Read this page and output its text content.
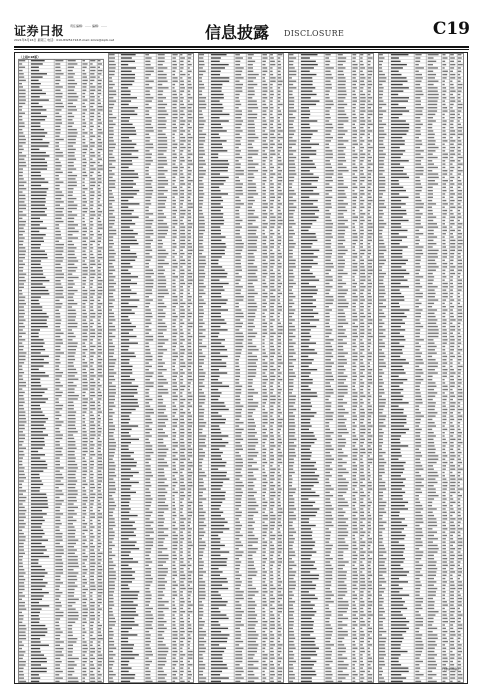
证券日报 责任编辑：…… 编辑：……
2021年6月16日 星期三 电话：010-83251716 E-mail: zmzx@zqrb.net	信息披露 DISCLOSURE	C19
（上接C18版）
（下转C20版）
